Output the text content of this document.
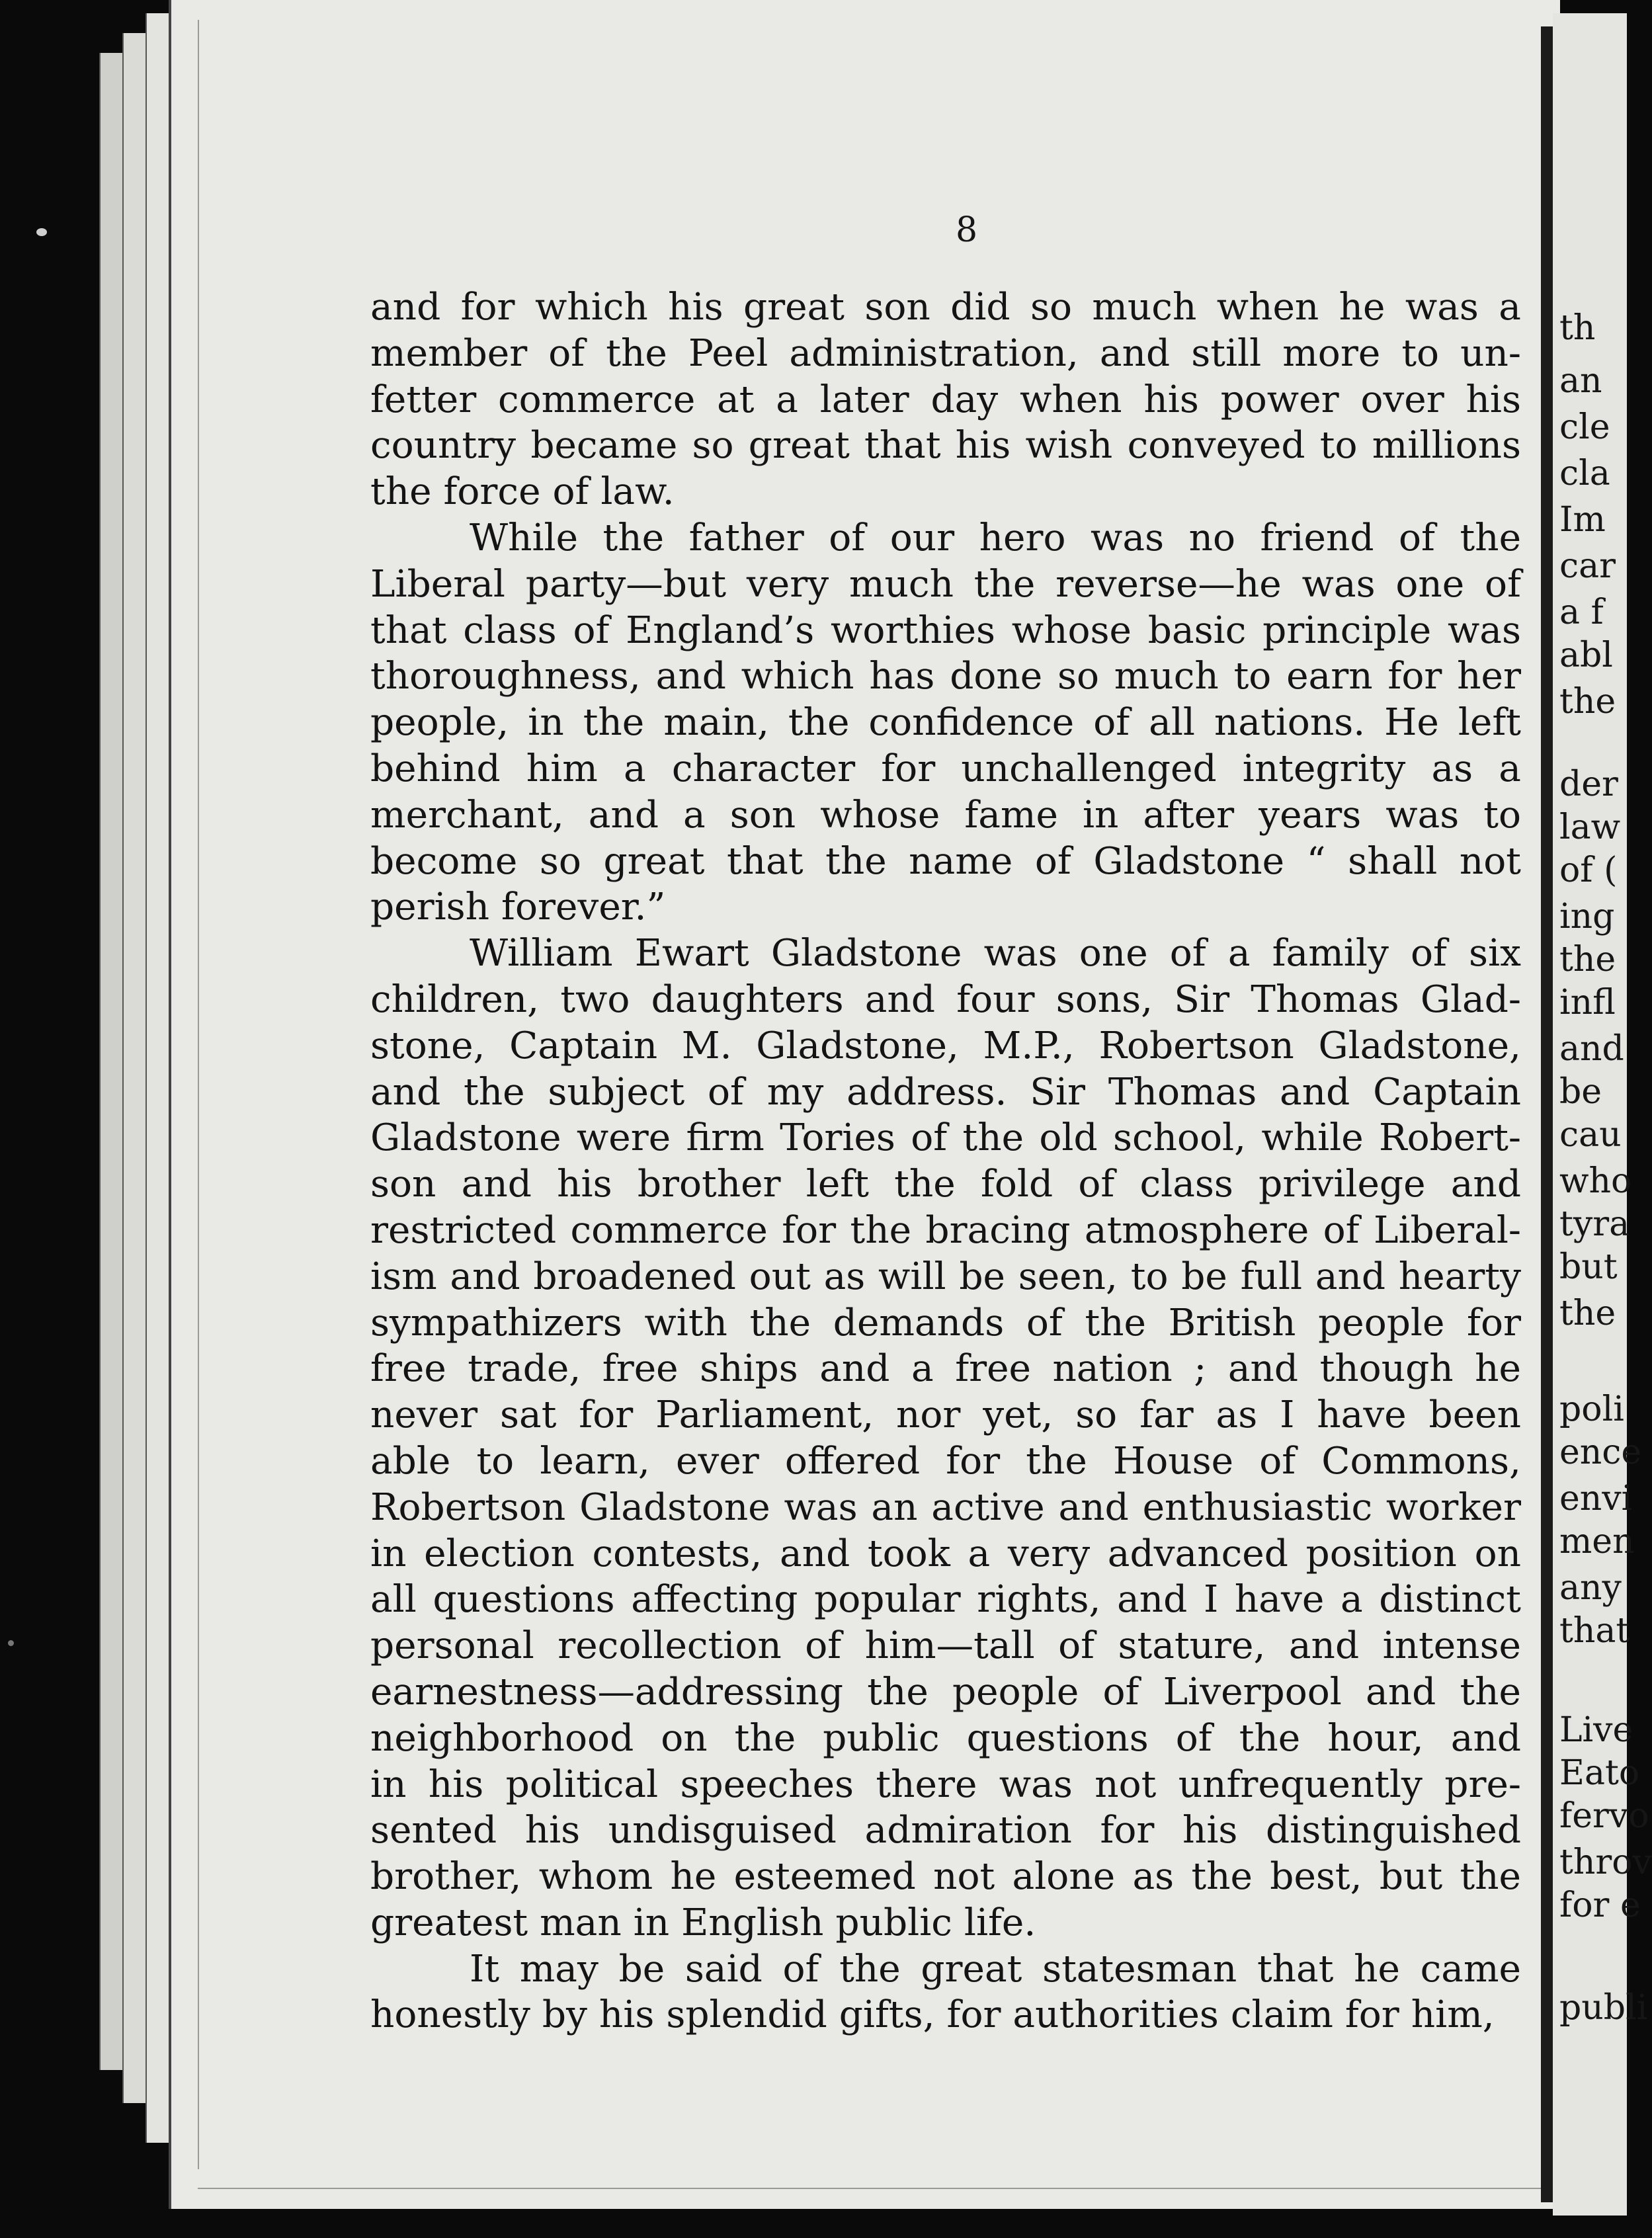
8
and for which his great son did so much when he was a
member of the Peel administration, and still more to un-
fetter commerce at a later day when his power over his
country became so great that his wish conveyed to millions
the force of law.
While the father of our hero was no friend of the
Liberal party—but very much the reverse—he was one of
that class of England’s worthies whose basic principle was
thoroughness, and which has done so much to earn for her
people, in the main, the confidence of all nations. He left
behind him a character for unchallenged integrity as a
merchant, and a son whose fame in after years was to
become so great that the name of Gladstone “ shall not
perish forever.”
William Ewart Gladstone was one of a family of six
children, two daughters and four sons, Sir Thomas Glad-
stone, Captain M. Gladstone, M.P., Robertson Gladstone,
and the subject of my address. Sir Thomas and Captain
Gladstone were firm Tories of the old school, while Robert-
son and his brother left the fold of class privilege and
restricted commerce for the bracing atmosphere of Liberal-
ism and broadened out as will be seen, to be full and hearty
sympathizers with the demands of the British people for
free trade, free ships and a free nation ; and though he
never sat for Parliament, nor yet, so far as I have been
able to learn, ever offered for the House of Commons,
Robertson Gladstone was an active and enthusiastic worker
in election contests, and took a very advanced position on
all questions affecting popular rights, and I have a distinct
personal recollection of him—tall of stature, and intense
earnestness—addressing the people of Liverpool and the
neighborhood on the public questions of the hour, and
in his political speeches there was not unfrequently pre-
sented his undisguised admiration for his distinguished
brother, whom he esteemed not alone as the best, but the
greatest man in English public life.
It may be said of the great statesman that he came
honestly by his splendid gifts, for authorities claim for him,
th
an
cle
cla
Im
car
a f
abl
the
der
law
of (
ing
the
infl
and
be
cau
who
tyra
but
the
poli
ence
envi
men
any
that
Live
Eato
fervo
throv
for e
publi
